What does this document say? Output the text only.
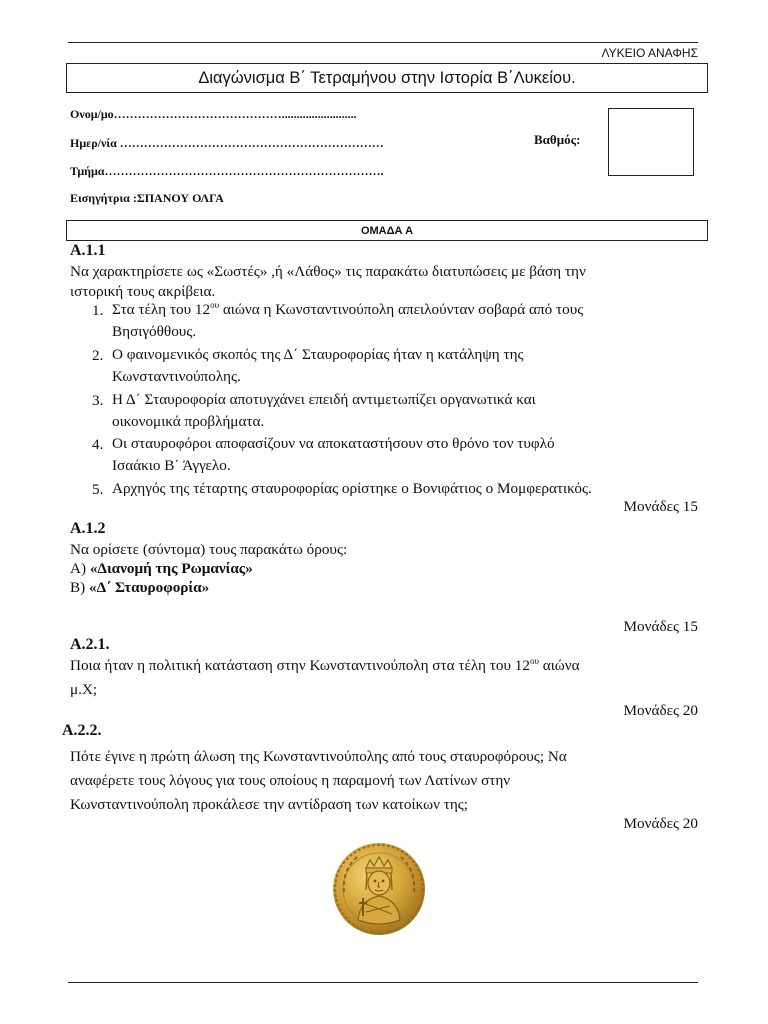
ΛΥΚΕΙΟ ΑΝΑΦΗΣ
Διαγώνισμα Β΄ Τετραμήνου στην Ιστορία Β΄Λυκείου.
Ονομ/μο…………………………………….........................
Ημερ/νία …………………………………………………………	Βαθμός:
Τμήμα…………………………………………………………….
Εισηγήτρια :ΣΠΑΝΟΥ ΟΛΓΑ
ΟΜΑΔΑ Α
Α.1.1
Να χαρακτηρίσετε ως «Σωστές» ,ή «Λάθος» τις παρακάτω διατυπώσεις με βάση την
ιστορική τους ακρίβεια.
1. Στα τέλη του $12^{o\upsilon}$ αιώνα η Κωνσταντινούπολη απειλούνταν σοβαρά από τους
Βησιγόθθους.
2. Ο φαινομενικός σκοπός της Δ΄ Σταυροφορίας ήταν η κατάληψη της
Κωνσταντινούπολης.
3. Η Δ΄ Σταυροφορία αποτυγχάνει επειδή αντιμετωπίζει οργανωτικά και
οικονομικά προβλήματα.
4. Οι σταυροφόροι αποφασίζουν να αποκαταστήσουν στο θρόνο τον τυφλό
Ισαάκιο Β΄ Άγγελο.
5. Αρχηγός της τέταρτης σταυροφορίας ορίστηκε ο Βονιφάτιος ο Μομφερατικός.
Μονάδες 15
Α.1.2
Να ορίσετε (σύντομα) τους παρακάτω όρους:
Α) «Διανομή της Ρωμανίας»
Β) «Δ΄ Σταυροφορία»
Μονάδες 15
Α.2.1.
Ποια ήταν η πολιτική κατάσταση στην Κωνσταντινούπολη στα τέλη του $12^{o\upsilon}$ αιώνα
μ.Χ;
Μονάδες 20
Α.2.2.
Πότε έγινε η πρώτη άλωση της Κωνσταντινούπολης από τους σταυροφόρους; Να
αναφέρετε τους λόγους για τους οποίους η παραμονή των Λατίνων στην
Κωνσταντινούπολη προκάλεσε την αντίδραση των κατοίκων της;
Μονάδες 20
